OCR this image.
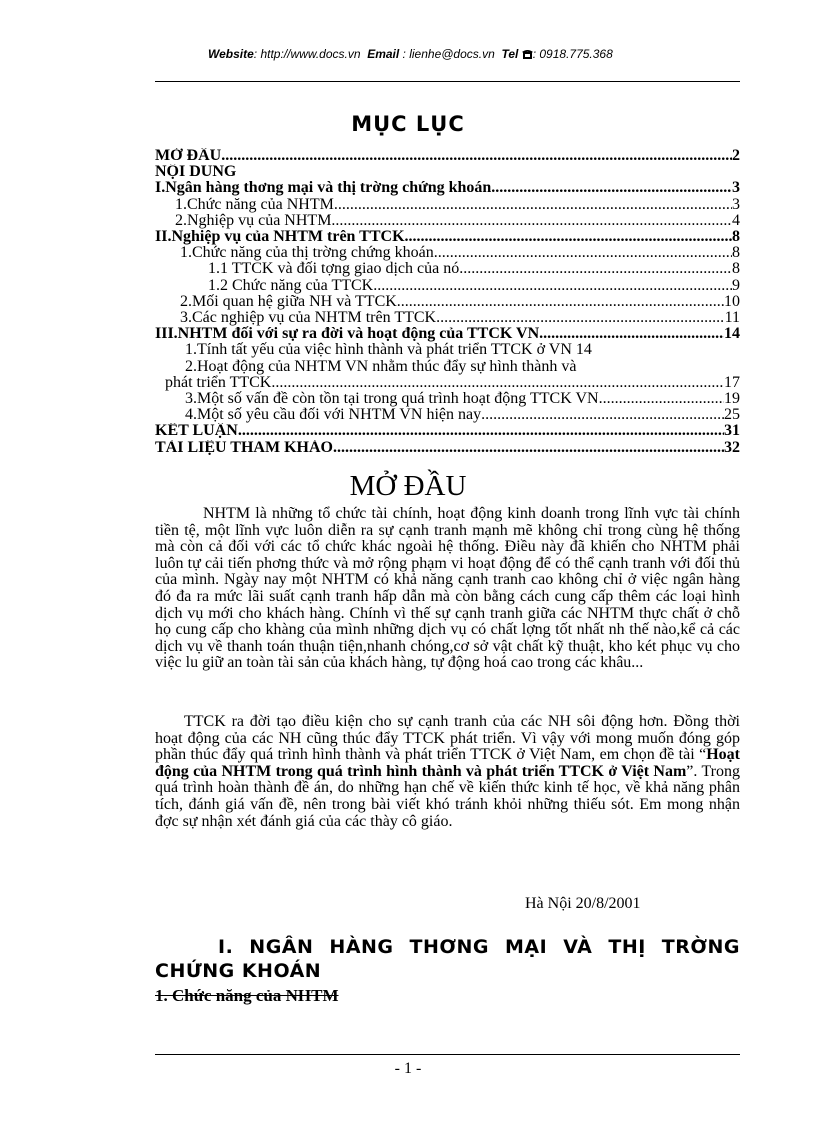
Website: http://www.docs.vn Email : lienhe@docs.vn Tel : 0918.775.368
MỤC LỤC
MỞ ĐẦU .....	2
NỘI DUNG
I.Ngân hàng thơng mại và thị trờng chứng khoán .....	3
1.Chức năng của NHTM .....	3
2.Nghiệp vụ của NHTM .....	4
II.Nghiệp vụ của NHTM trên TTCK .....	8
1.Chức năng của thị trờng chứng khoán .....	8
1.1 TTCK và đối tợng giao dịch của nó .....	8
1.2 Chức năng của TTCK .....	9
2.Mối quan hệ giữa NH và TTCK .....	10
3.Các nghiệp vụ của NHTM trên TTCK .....	11
III.NHTM đối với sự ra đời và hoạt động của TTCK VN .....	14
1.Tính tất yếu của việc hình thành và phát triển TTCK ở VN 14
2.Hoạt động của NHTM VN nhằm thúc đẩy sự hình thành và
phát triển TTCK .....	17
3.Một số vấn đề còn tồn tại trong quá trình hoạt động TTCK VN .....	19
4.Một số yêu cầu đối với NHTM VN hiện nay .....	25
KẾT LUẬN .....	31
TÀI LIỆU THAM KHẢO .....	32
MỞ ĐẦU
NHTM là những tổ chức tài chính, hoạt động kinh doanh trong lĩnh vực tài chính tiền tệ, một lĩnh vực luôn diễn ra sự cạnh tranh mạnh mẽ không chỉ trong cùng hệ thống mà còn cả đối với các tổ chức khác ngoài hệ thống. Điều này đã khiến cho NHTM phải luôn tự cải tiến phơng thức và mở rộng phạm vi hoạt động để có thể cạnh tranh với đối thủ của mình. Ngày nay một NHTM có khả năng cạnh tranh cao không chỉ ở việc ngân hàng đó đa ra mức lãi suất cạnh tranh hấp dẫn mà còn bằng cách cung cấp thêm các loại hình dịch vụ mới cho khách hàng. Chính vì thế sự cạnh tranh giữa các NHTM thực chất ở chỗ họ cung cấp cho khàng của mình những dịch vụ có chất lợng tốt nhất nh thế nào,kể cả các dịch vụ về thanh toán thuận tiện,nhanh chóng,cơ sở vật chất kỹ thuật, kho két phục vụ cho việc lu giữ an toàn tài sản của khách hàng, tự động hoá cao trong các khâu...
TTCK ra đời tạo điều kiện cho sự cạnh tranh của các NH sôi động hơn. Đồng thời hoạt động của các NH cũng thúc đẩy TTCK phát triển. Vì vậy với mong muốn đóng góp phần thúc đẩy quá trình hình thành và phát triển TTCK ở Việt Nam, em chọn đề tài “Hoạt động của NHTM trong quá trình hình thành và phát triển TTCK ở Việt Nam”. Trong quá trình hoàn thành đề án, do những hạn chế về kiến thức kinh tế học, về khả năng phân tích, đánh giá vấn đề, nên trong bài viết khó tránh khỏi những thiếu sót. Em mong nhận đợc sự nhận xét đánh giá của các thày cô giáo.
Hà Nội 20/8/2001
I. NGÂN HÀNG THƠNG MẠI VÀ THỊ TRỜNG CHỨNG KHOÁN
1. Chức năng của NHTM
- 1 -
